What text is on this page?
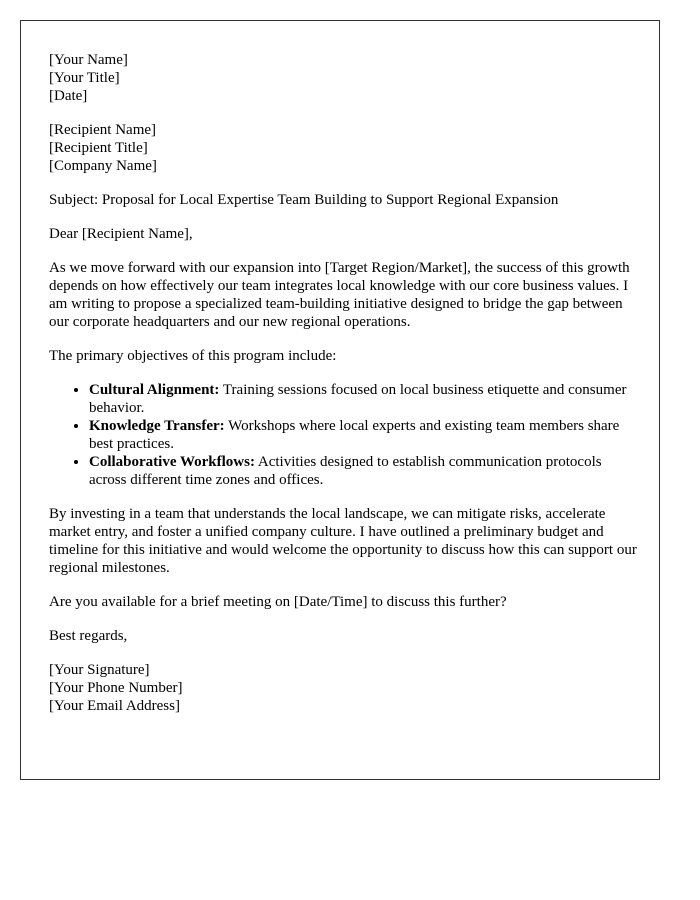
[Your Name]
[Your Title]
[Date]
[Recipient Name]
[Recipient Title]
[Company Name]

Subject: Proposal for Local Expertise Team Building to Support Regional Expansion

Dear [Recipient Name],

As we move forward with our expansion into [Target Region/Market], the success of this growth depends on how effectively our team integrates local knowledge with our core business values. I am writing to propose a specialized team-building initiative designed to bridge the gap between our corporate headquarters and our new regional operations.

The primary objectives of this program include:

• Cultural Alignment: Training sessions focused on local business etiquette and consumer behavior.
• Knowledge Transfer: Workshops where local experts and existing team members share best practices.
• Collaborative Workflows: Activities designed to establish communication protocols across different time zones and offices.

By investing in a team that understands the local landscape, we can mitigate risks, accelerate market entry, and foster a unified company culture. I have outlined a preliminary budget and timeline for this initiative and would welcome the opportunity to discuss how this can support our regional milestones.

Are you available for a brief meeting on [Date/Time] to discuss this further?

Best regards,

[Your Signature]
[Your Phone Number]
[Your Email Address]
